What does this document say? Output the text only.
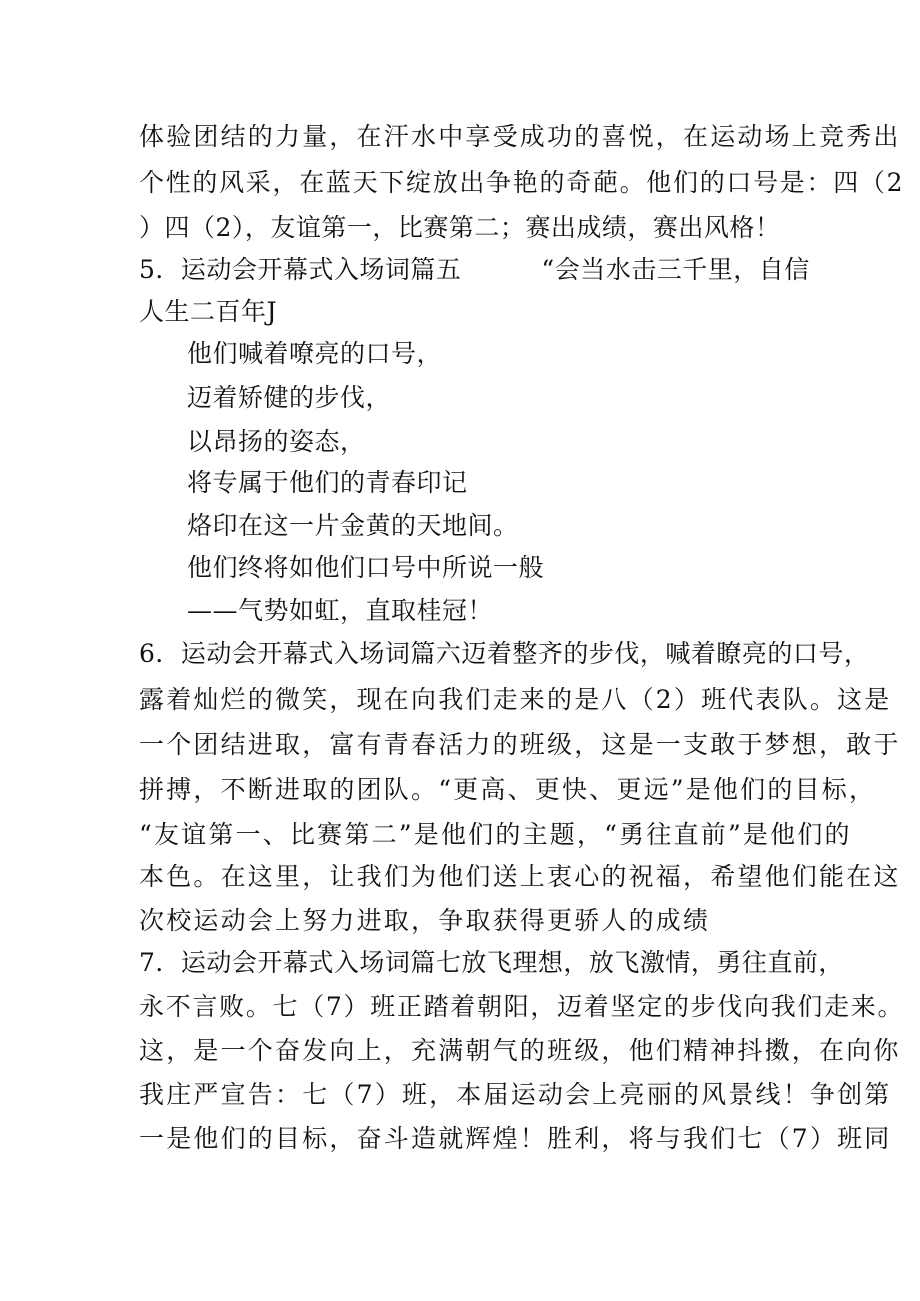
体验团结的力量，在汗水中享受成功的喜悦，在运动场上竞秀出
个性的风采，在蓝天下绽放出争艳的奇葩。他们的口号是：四（2
）四（2），友谊第一，比赛第二；赛出成绩，赛出风格！
5．运动会开幕式入场词篇五	“会当水击三千里，自信
人生二百年J
他们喊着嘹亮的口号，
迈着矫健的步伐，
以昂扬的姿态，
将专属于他们的青春印记
烙印在这一片金黄的天地间。
他们终将如他们口号中所说一般
——气势如虹，直取桂冠！
6．运动会开幕式入场词篇六迈着整齐的步伐，喊着瞭亮的口号，
露着灿烂的微笑，现在向我们走来的是八（2）班代表队。这是
一个团结进取，富有青春活力的班级，这是一支敢于梦想，敢于
拼搏，不断进取的团队。“更高、更快、更远”是他们的目标，
“友谊第一、比赛第二”是他们的主题，“勇往直前”是他们的
本色。在这里，让我们为他们送上衷心的祝福，希望他们能在这
次校运动会上努力进取，争取获得更骄人的成绩
7．运动会开幕式入场词篇七放飞理想，放飞激情，勇往直前，
永不言败。七（7）班正踏着朝阳，迈着坚定的步伐向我们走来。
这，是一个奋发向上，充满朝气的班级，他们精神抖擞，在向你
我庄严宣告：七（7）班，本届运动会上亮丽的风景线！争创第
一是他们的目标，奋斗造就辉煌！胜利，将与我们七（7）班同
